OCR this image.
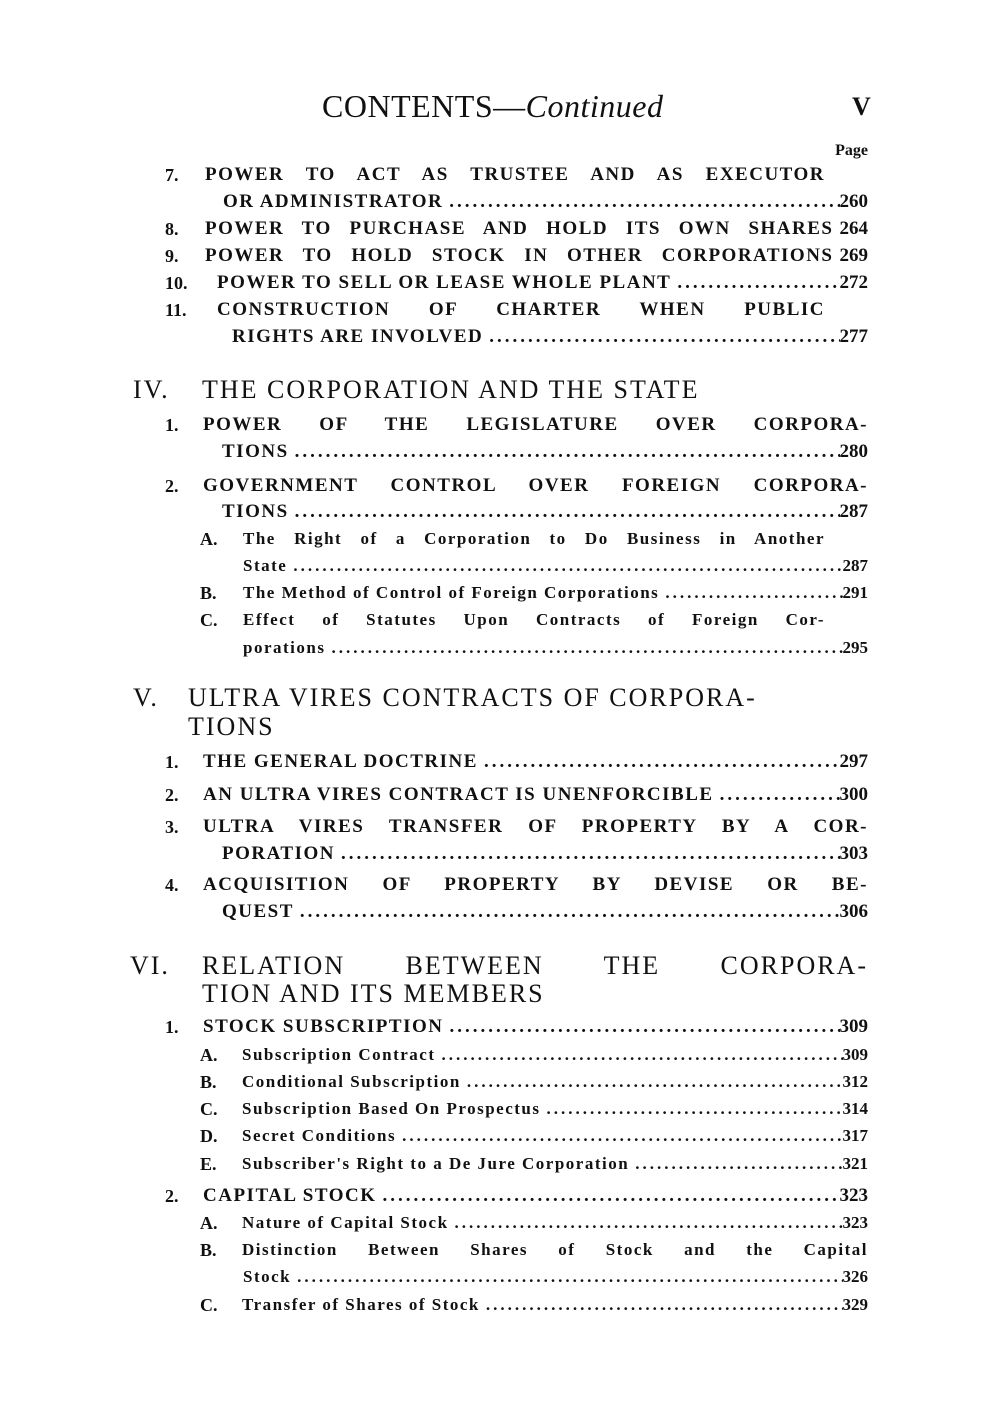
CONTENTS—Continued	V
Page
7. POWER TO ACT AS TRUSTEE AND AS EXECUTOR
OR ADMINISTRATOR .....	260
8. POWER TO PURCHASE AND HOLD ITS OWN SHARES 264
9. POWER TO HOLD STOCK IN OTHER CORPORATIONS 269
10. POWER TO SELL OR LEASE WHOLE PLANT .....	272
11. CONSTRUCTION OF CHARTER WHEN PUBLIC
RIGHTS ARE INVOLVED .....	277
IV. THE CORPORATION AND THE STATE
1. POWER OF THE LEGISLATURE OVER CORPORA-
TIONS .....	280
2. GOVERNMENT CONTROL OVER FOREIGN CORPORA-
TIONS .....	287
A. The Right of a Corporation to Do Business in Another
State .....	287
B. The Method of Control of Foreign Corporations .....	291
C. Effect of Statutes Upon Contracts of Foreign Cor-
porations .....	295
V. ULTRA VIRES CONTRACTS OF CORPORA-
TIONS
1. THE GENERAL DOCTRINE .....	297
2. AN ULTRA VIRES CONTRACT IS UNENFORCIBLE .....	300
3. ULTRA VIRES TRANSFER OF PROPERTY BY A COR-
PORATION .....	303
4. ACQUISITION OF PROPERTY BY DEVISE OR BE-
QUEST .....	306
VI. RELATION BETWEEN THE CORPORA-
TION AND ITS MEMBERS
1. STOCK SUBSCRIPTION .....	309
A. Subscription Contract .....	309
B. Conditional Subscription .....	312
C. Subscription Based On Prospectus .....	314
D. Secret Conditions .....	317
E. Subscriber's Right to a De Jure Corporation .....	321
2. CAPITAL STOCK .....	323
A. Nature of Capital Stock .....	323
B. Distinction Between Shares of Stock and the Capital
Stock .....	326
C. Transfer of Shares of Stock .....	329
